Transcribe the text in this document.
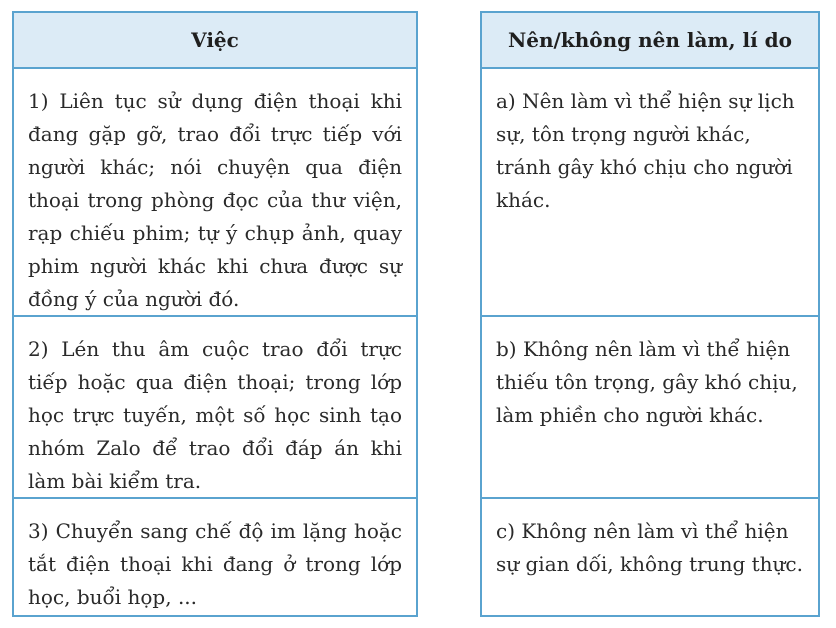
Việc
1) Liên tục sử dụng điện thoại khi đang gặp gỡ, trao đổi trực tiếp với người khác; nói chuyện qua điện thoại trong phòng đọc của thư viện, rạp chiếu phim; tự ý chụp ảnh, quay phim người khác khi chưa được sự đồng ý của người đó.
2) Lén thu âm cuộc trao đổi trực tiếp hoặc qua điện thoại; trong lớp học trực tuyến, một số học sinh tạo nhóm Zalo để trao đổi đáp án khi làm bài kiểm tra.
3) Chuyển sang chế độ im lặng hoặc tắt điện thoại khi đang ở trong lớp học, buổi họp, ...
Nên/không nên làm, lí do
a) Nên làm vì thể hiện sự lịch sự, tôn trọng người khác, tránh gây khó chịu cho người khác.
b) Không nên làm vì thể hiện thiếu tôn trọng, gây khó chịu, làm phiền cho người khác.
c) Không nên làm vì thể hiện sự gian dối, không trung thực.
